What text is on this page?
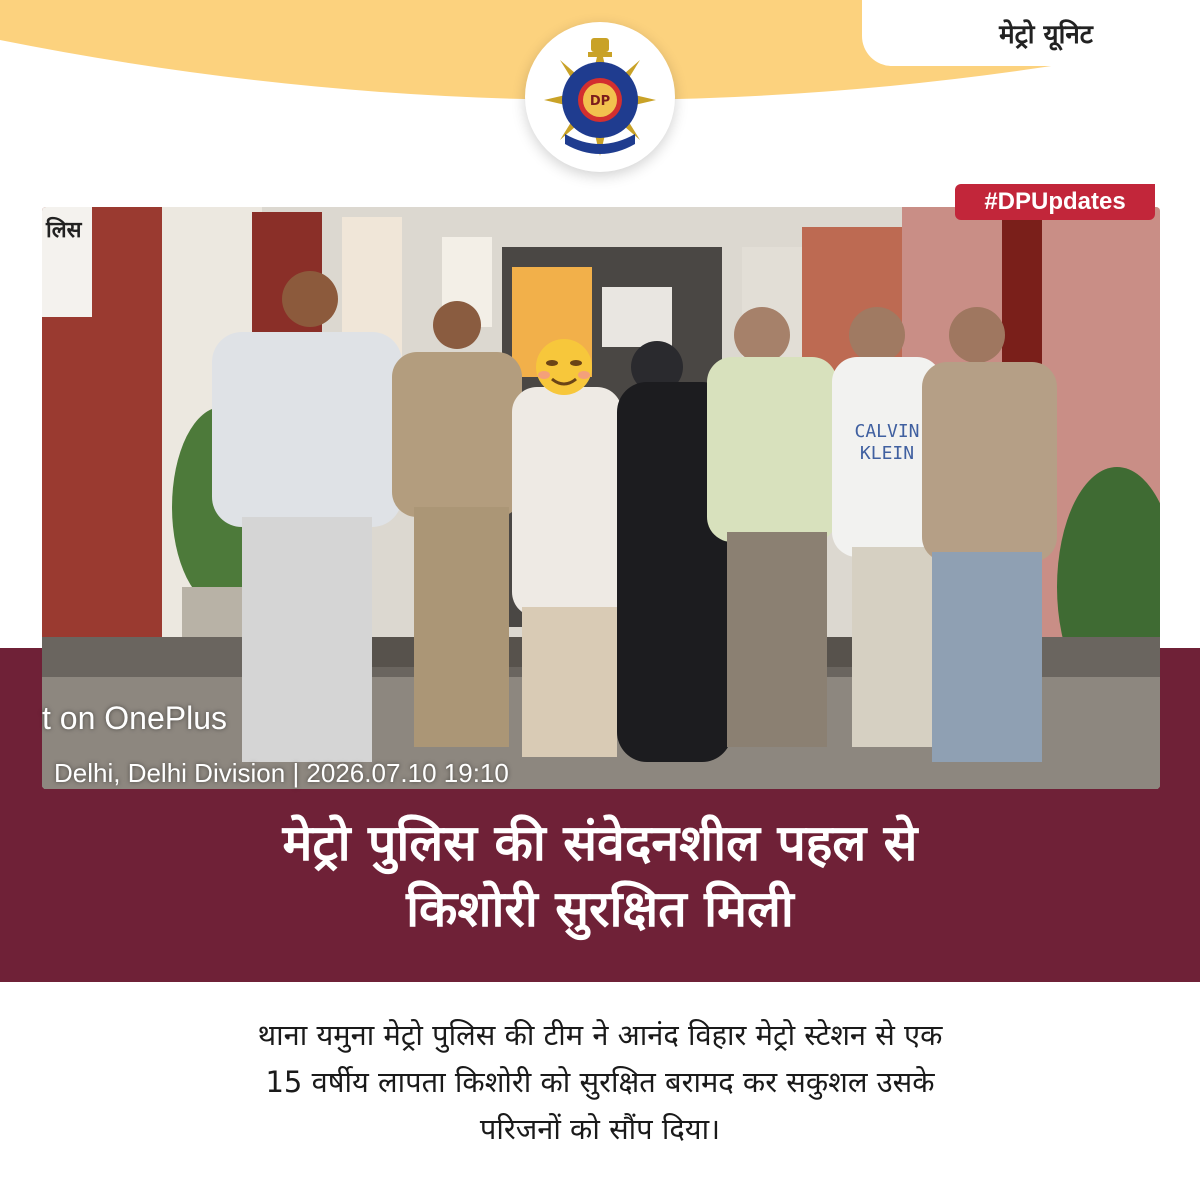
मेट्रो यूनिट
DP
लिस
CALVIN
KLEIN
t on OnePlus
Delhi, Delhi Division | 2026.07.10 19:10
#DPUpdates
मेट्रो पुलिस की संवेदनशील पहल से
किशोरी सुरक्षित मिली
थाना यमुना मेट्रो पुलिस की टीम ने आनंद विहार मेट्रो स्टेशन से एक
15 वर्षीय लापता किशोरी को सुरक्षित बरामद कर सकुशल उसके
परिजनों को सौंप दिया।
